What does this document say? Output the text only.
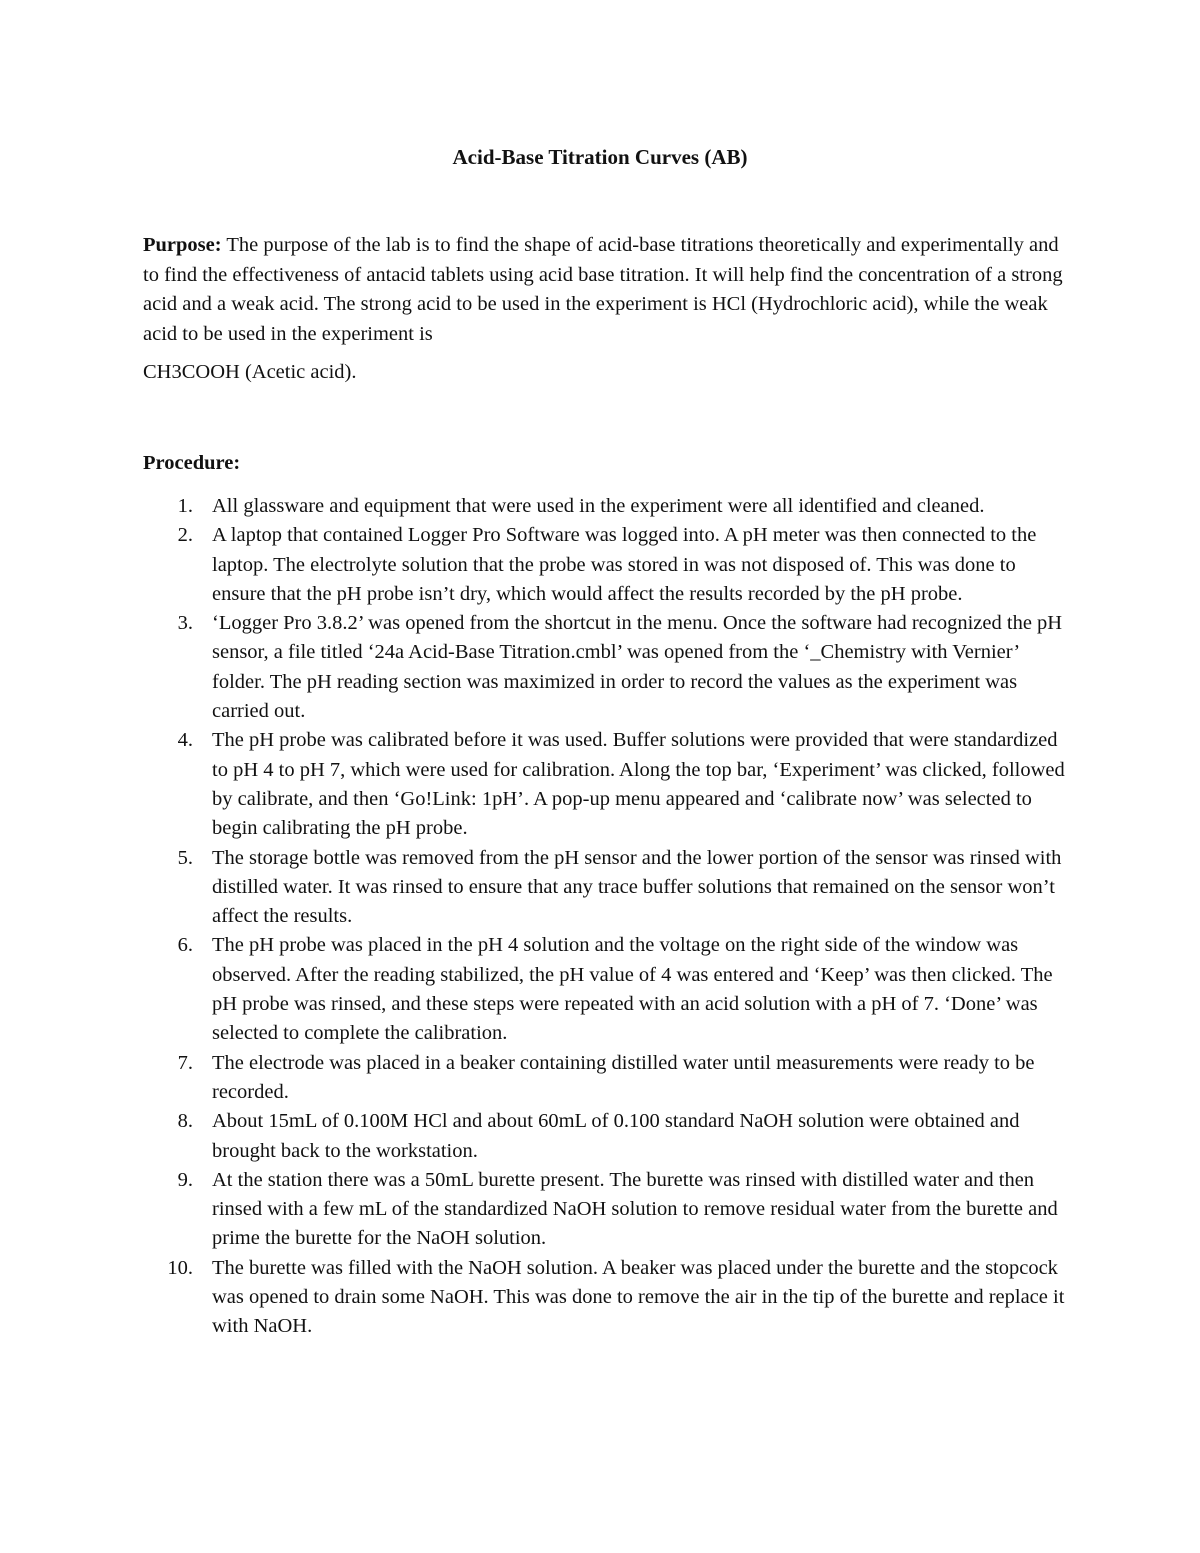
Acid-Base Titration Curves (AB)

Purpose: The purpose of the lab is to find the shape of acid-base titrations theoretically and experimentally and to find the effectiveness of antacid tablets using acid base titration. It will help find the concentration of a strong acid and a weak acid. The strong acid to be used in the experiment is HCl (Hydrochloric acid), while the weak acid to be used in the experiment is
CH3COOH (Acetic acid).

Procedure:
1. All glassware and equipment that were used in the experiment were all identified and cleaned.
2. A laptop that contained Logger Pro Software was logged into. A pH meter was then connected to the laptop. The electrolyte solution that the probe was stored in was not disposed of. This was done to ensure that the pH probe isn’t dry, which would affect the results recorded by the pH probe.
3. ‘Logger Pro 3.8.2’ was opened from the shortcut in the menu. Once the software had recognized the pH sensor, a file titled ‘24a Acid-Base Titration.cmbl’ was opened from the ‘_Chemistry with Vernier’ folder. The pH reading section was maximized in order to record the values as the experiment was carried out.
4. The pH probe was calibrated before it was used. Buffer solutions were provided that were standardized to pH 4 to pH 7, which were used for calibration. Along the top bar, ‘Experiment’ was clicked, followed by calibrate, and then ‘Go!Link: 1pH’. A pop-up menu appeared and ‘calibrate now’ was selected to begin calibrating the pH probe.
5. The storage bottle was removed from the pH sensor and the lower portion of the sensor was rinsed with distilled water. It was rinsed to ensure that any trace buffer solutions that remained on the sensor won’t affect the results.
6. The pH probe was placed in the pH 4 solution and the voltage on the right side of the window was observed. After the reading stabilized, the pH value of 4 was entered and ‘Keep’ was then clicked. The pH probe was rinsed, and these steps were repeated with an acid solution with a pH of 7. ‘Done’ was selected to complete the calibration.
7. The electrode was placed in a beaker containing distilled water until measurements were ready to be recorded.
8. About 15mL of 0.100M HCl and about 60mL of 0.100 standard NaOH solution were obtained and brought back to the workstation.
9. At the station there was a 50mL burette present. The burette was rinsed with distilled water and then rinsed with a few mL of the standardized NaOH solution to remove residual water from the burette and prime the burette for the NaOH solution.
10. The burette was filled with the NaOH solution. A beaker was placed under the burette and the stopcock was opened to drain some NaOH. This was done to remove the air in the tip of the burette and replace it with NaOH.
